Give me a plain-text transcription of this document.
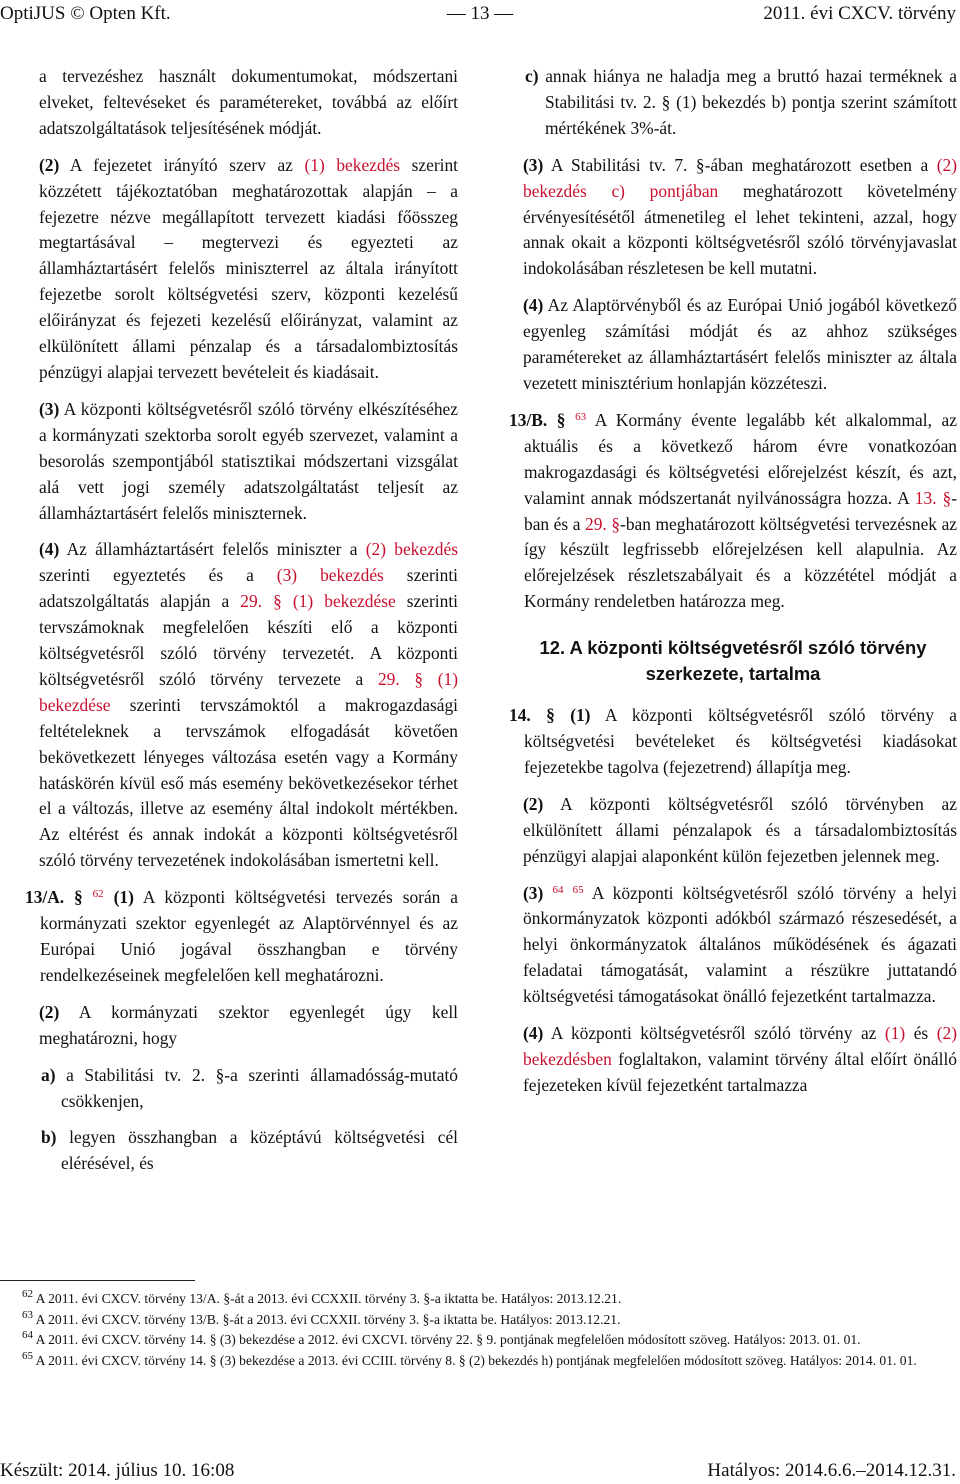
OptiJUS © Opten Kft.	— 13 —	2011. évi CXCV. törvény

a tervezéshez használt dokumentumokat, módszertani elveket, feltevéseket és paramétereket, továbbá az előírt adatszolgáltatások teljesítésének módját.

(2) A fejezetet irányító szerv az (1) bekezdés szerint közzétett tájékoztatóban meghatározottak alapján – a fejezetre nézve megállapított tervezett kiadási főösszeg megtartásával – megtervezi és egyezteti az államháztartásért felelős miniszterrel az általa irányított fejezetbe sorolt költségvetési szerv, központi kezelésű előirányzat és fejezeti kezelésű előirányzat, valamint az elkülönített állami pénzalap és a társadalombiztosítás pénzügyi alapjai tervezett bevételeit és kiadásait.

(3) A központi költségvetésről szóló törvény elkészítéséhez a kormányzati szektorba sorolt egyéb szervezet, valamint a besorolás szempontjából statisztikai módszertani vizsgálat alá vett jogi személy adatszolgáltatást teljesít az államháztartásért felelős miniszternek.

(4) Az államháztartásért felelős miniszter a (2) bekezdés szerinti egyeztetés és a (3) bekezdés szerinti adatszolgáltatás alapján a 29. § (1) bekezdése szerinti tervszámoknak megfelelően készíti elő a központi költségvetésről szóló törvény tervezetét. A központi költségvetésről szóló törvény tervezete a 29. § (1) bekezdése szerinti tervszámoktól a makrogazdasági feltételeknek a tervszámok elfogadását követően bekövetkezett lényeges változása esetén vagy a Kormány hatáskörén kívül eső más esemény bekövetkezésekor térhet el a változás, illetve az esemény által indokolt mértékben. Az eltérést és annak indokát a központi költségvetésről szóló törvény tervezetének indokolásában ismertetni kell.

13/A. § $^{62}$ (1) A központi költségvetési tervezés során a kormányzati szektor egyenlegét az Alaptörvénnyel és az Európai Unió jogával összhangban e törvény rendelkezéseinek megfelelően kell meghatározni.

(2) A kormányzati szektor egyenlegét úgy kell meghatározni, hogy

a) a Stabilitási tv. 2. §-a szerinti államadósság-mutató csökkenjen,

b) legyen összhangban a középtávú költségvetési cél elérésével, és

c) annak hiánya ne haladja meg a bruttó hazai terméknek a Stabilitási tv. 2. § (1) bekezdés b) pontja szerint számított mértékének 3%-át.

(3) A Stabilitási tv. 7. §-ában meghatározott esetben a (2) bekezdés c) pontjában meghatározott követelmény érvényesítésétől átmenetileg el lehet tekinteni, azzal, hogy annak okait a központi költségvetésről szóló törvényjavaslat indokolásában részletesen be kell mutatni.

(4) Az Alaptörvényből és az Európai Unió jogából következő egyenleg számítási módját és az ahhoz szükséges paramétereket az államháztartásért felelős miniszter az általa vezetett minisztérium honlapján közzéteszi.

13/B. § $^{63}$ A Kormány évente legalább két alkalommal, az aktuális és a következő három évre vonatkozóan makrogazdasági és költségvetési előrejelzést készít, és azt, valamint annak módszertanát nyilvánosságra hozza. A 13. §-ban és a 29. §-ban meghatározott költségvetési tervezésnek az így készült legfrissebb előrejelzésen kell alapulnia. Az előrejelzések részletszabályait és a közzététel módját a Kormány rendeletben határozza meg.

12. A központi költségvetésről szóló törvény
szerkezete, tartalma

14. § (1) A központi költségvetésről szóló törvény a költségvetési bevételeket és költségvetési kiadásokat fejezetekbe tagolva (fejezetrend) állapítja meg.

(2) A központi költségvetésről szóló törvényben az elkülönített állami pénzalapok és a társadalombiztosítás pénzügyi alapjai alaponként külön fejezetben jelennek meg.

(3) $^{64}$ $^{65}$ A központi költségvetésről szóló törvény a helyi önkormányzatok központi adókból származó részesedését, a helyi önkormányzatok általános működésének és ágazati feladatai támogatását, valamint a részükre juttatandó költségvetési támogatásokat önálló fejezetként tartalmazza.

(4) A központi költségvetésről szóló törvény az (1) és (2) bekezdésben foglaltakon, valamint törvény által előírt önálló fejezeteken kívül fejezetként tartalmazza

$^{62}$ A 2011. évi CXCV. törvény 13/A. §-át a 2013. évi CCXXII. törvény 3. §-a iktatta be. Hatályos: 2013.12.21.
$^{63}$ A 2011. évi CXCV. törvény 13/B. §-át a 2013. évi CCXXII. törvény 3. §-a iktatta be. Hatályos: 2013.12.21.
$^{64}$ A 2011. évi CXCV. törvény 14. § (3) bekezdése a 2012. évi CXCVI. törvény 22. § 9. pontjának megfelelően módosított szöveg. Hatályos: 2013. 01. 01.
$^{65}$ A 2011. évi CXCV. törvény 14. § (3) bekezdése a 2013. évi CCIII. törvény 8. § (2) bekezdés h) pontjának megfelelően módosított szöveg. Hatályos: 2014. 01. 01.
Készült: 2014. július 10. 16:08	Hatályos: 2014.6.6.–2014.12.31.
